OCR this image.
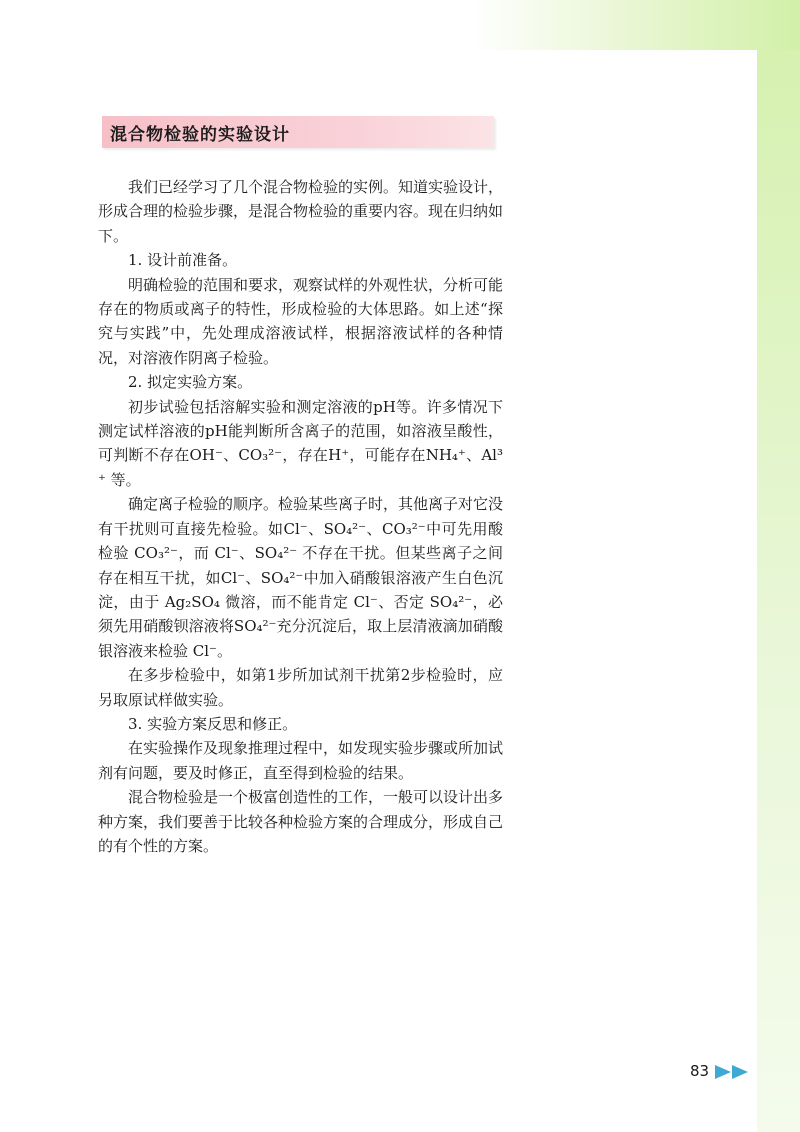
混合物检验的实验设计

我们已经学习了几个混合物检验的实例。知道实验设计，形成合理的检验步骤，是混合物检验的重要内容。现在归纳如下。

1. 设计前准备。

明确检验的范围和要求，观察试样的外观性状，分析可能存在的物质或离子的特性，形成检验的大体思路。如上述“探究与实践”中，先处理成溶液试样，根据溶液试样的各种情况，对溶液作阴离子检验。

2. 拟定实验方案。

初步试验包括溶解实验和测定溶液的pH等。许多情况下测定试样溶液的pH能判断所含离子的范围，如溶液呈酸性，可判断不存在OH⁻、CO₃²⁻，存在H⁺，可能存在NH₄⁺、Al³⁺ 等。

确定离子检验的顺序。检验某些离子时，其他离子对它没有干扰则可直接先检验。如Cl⁻、SO₄²⁻、CO₃²⁻中可先用酸检验 CO₃²⁻，而 Cl⁻、SO₄²⁻ 不存在干扰。但某些离子之间存在相互干扰，如Cl⁻、SO₄²⁻中加入硝酸银溶液产生白色沉淀，由于 Ag₂SO₄ 微溶，而不能肯定 Cl⁻、否定 SO₄²⁻，必须先用硝酸钡溶液将SO₄²⁻充分沉淀后，取上层清液滴加硝酸银溶液来检验 Cl⁻。

在多步检验中，如第1步所加试剂干扰第2步检验时，应另取原试样做实验。

3. 实验方案反思和修正。

在实验操作及现象推理过程中，如发现实验步骤或所加试剂有问题，要及时修正，直至得到检验的结果。

混合物检验是一个极富创造性的工作，一般可以设计出多种方案，我们要善于比较各种检验方案的合理成分，形成自己的有个性的方案。

83
